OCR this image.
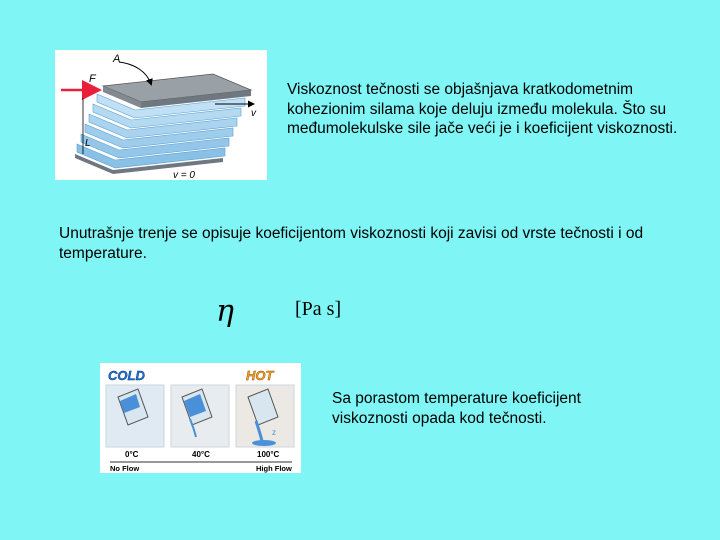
A
F
v
L
v = 0
Viskoznost tečnosti se objašnjava kratkodometnim kohezionim silama koje deluju između molekula. Što su međumolekulske sile jače veći je i koeficijent viskoznosti.
Unutrašnje trenje se opisuje koeficijentom viskoznosti koji zavisi od vrste tečnosti i od temperature.
η	[Pa s]
COLD	HOT
z
0°C	40°C	100°C
No Flow	High Flow
Sa porastom temperature koeficijent viskoznosti opada kod tečnosti.
